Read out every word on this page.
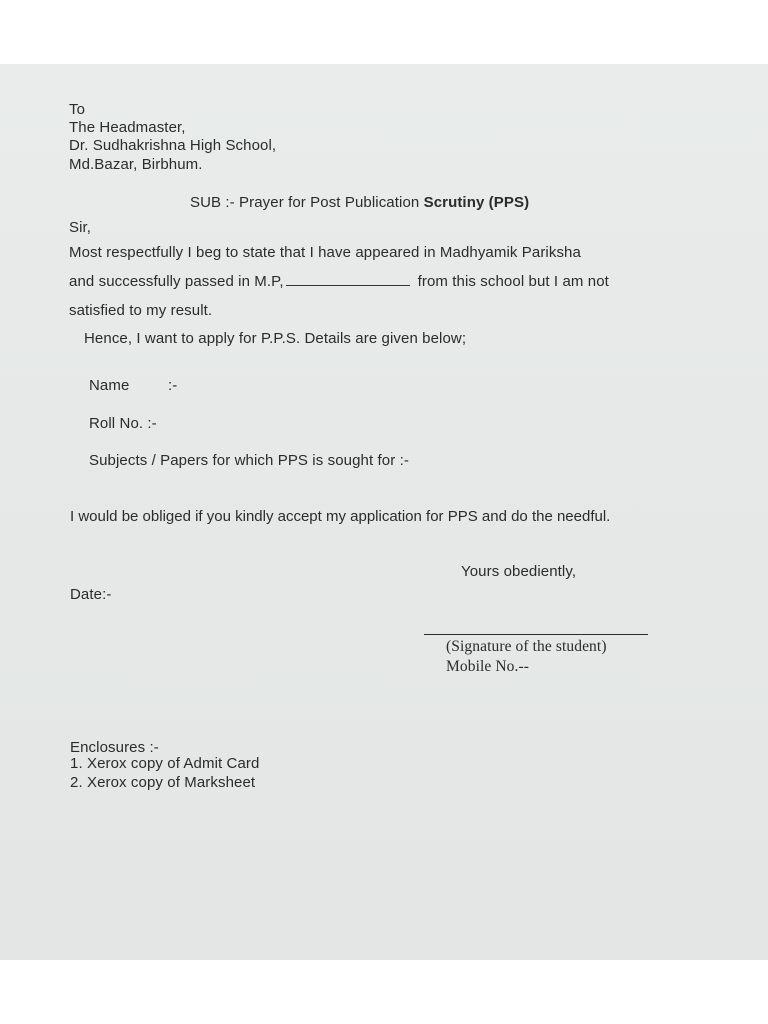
To
The Headmaster,
Dr. Sudhakrishna High School,
Md.Bazar, Birbhum.
SUB :- Prayer for Post Publication Scrutiny (PPS)
Sir,
Most respectfully I beg to state that I have appeared in Madhyamik Pariksha
and successfully passed in M.P,	from this school but I am not
satisfied to my result.
Hence, I want to apply for P.P.S. Details are given below;
Name	:-
Roll No. :-
Subjects / Papers for which PPS is sought for :-
I would be obliged if you kindly accept my application for PPS and do the needful.
Yours obediently,
Date:-
(Signature of the student)
Mobile No.--
Enclosures :-
1. Xerox copy of Admit Card
2. Xerox copy of Marksheet
